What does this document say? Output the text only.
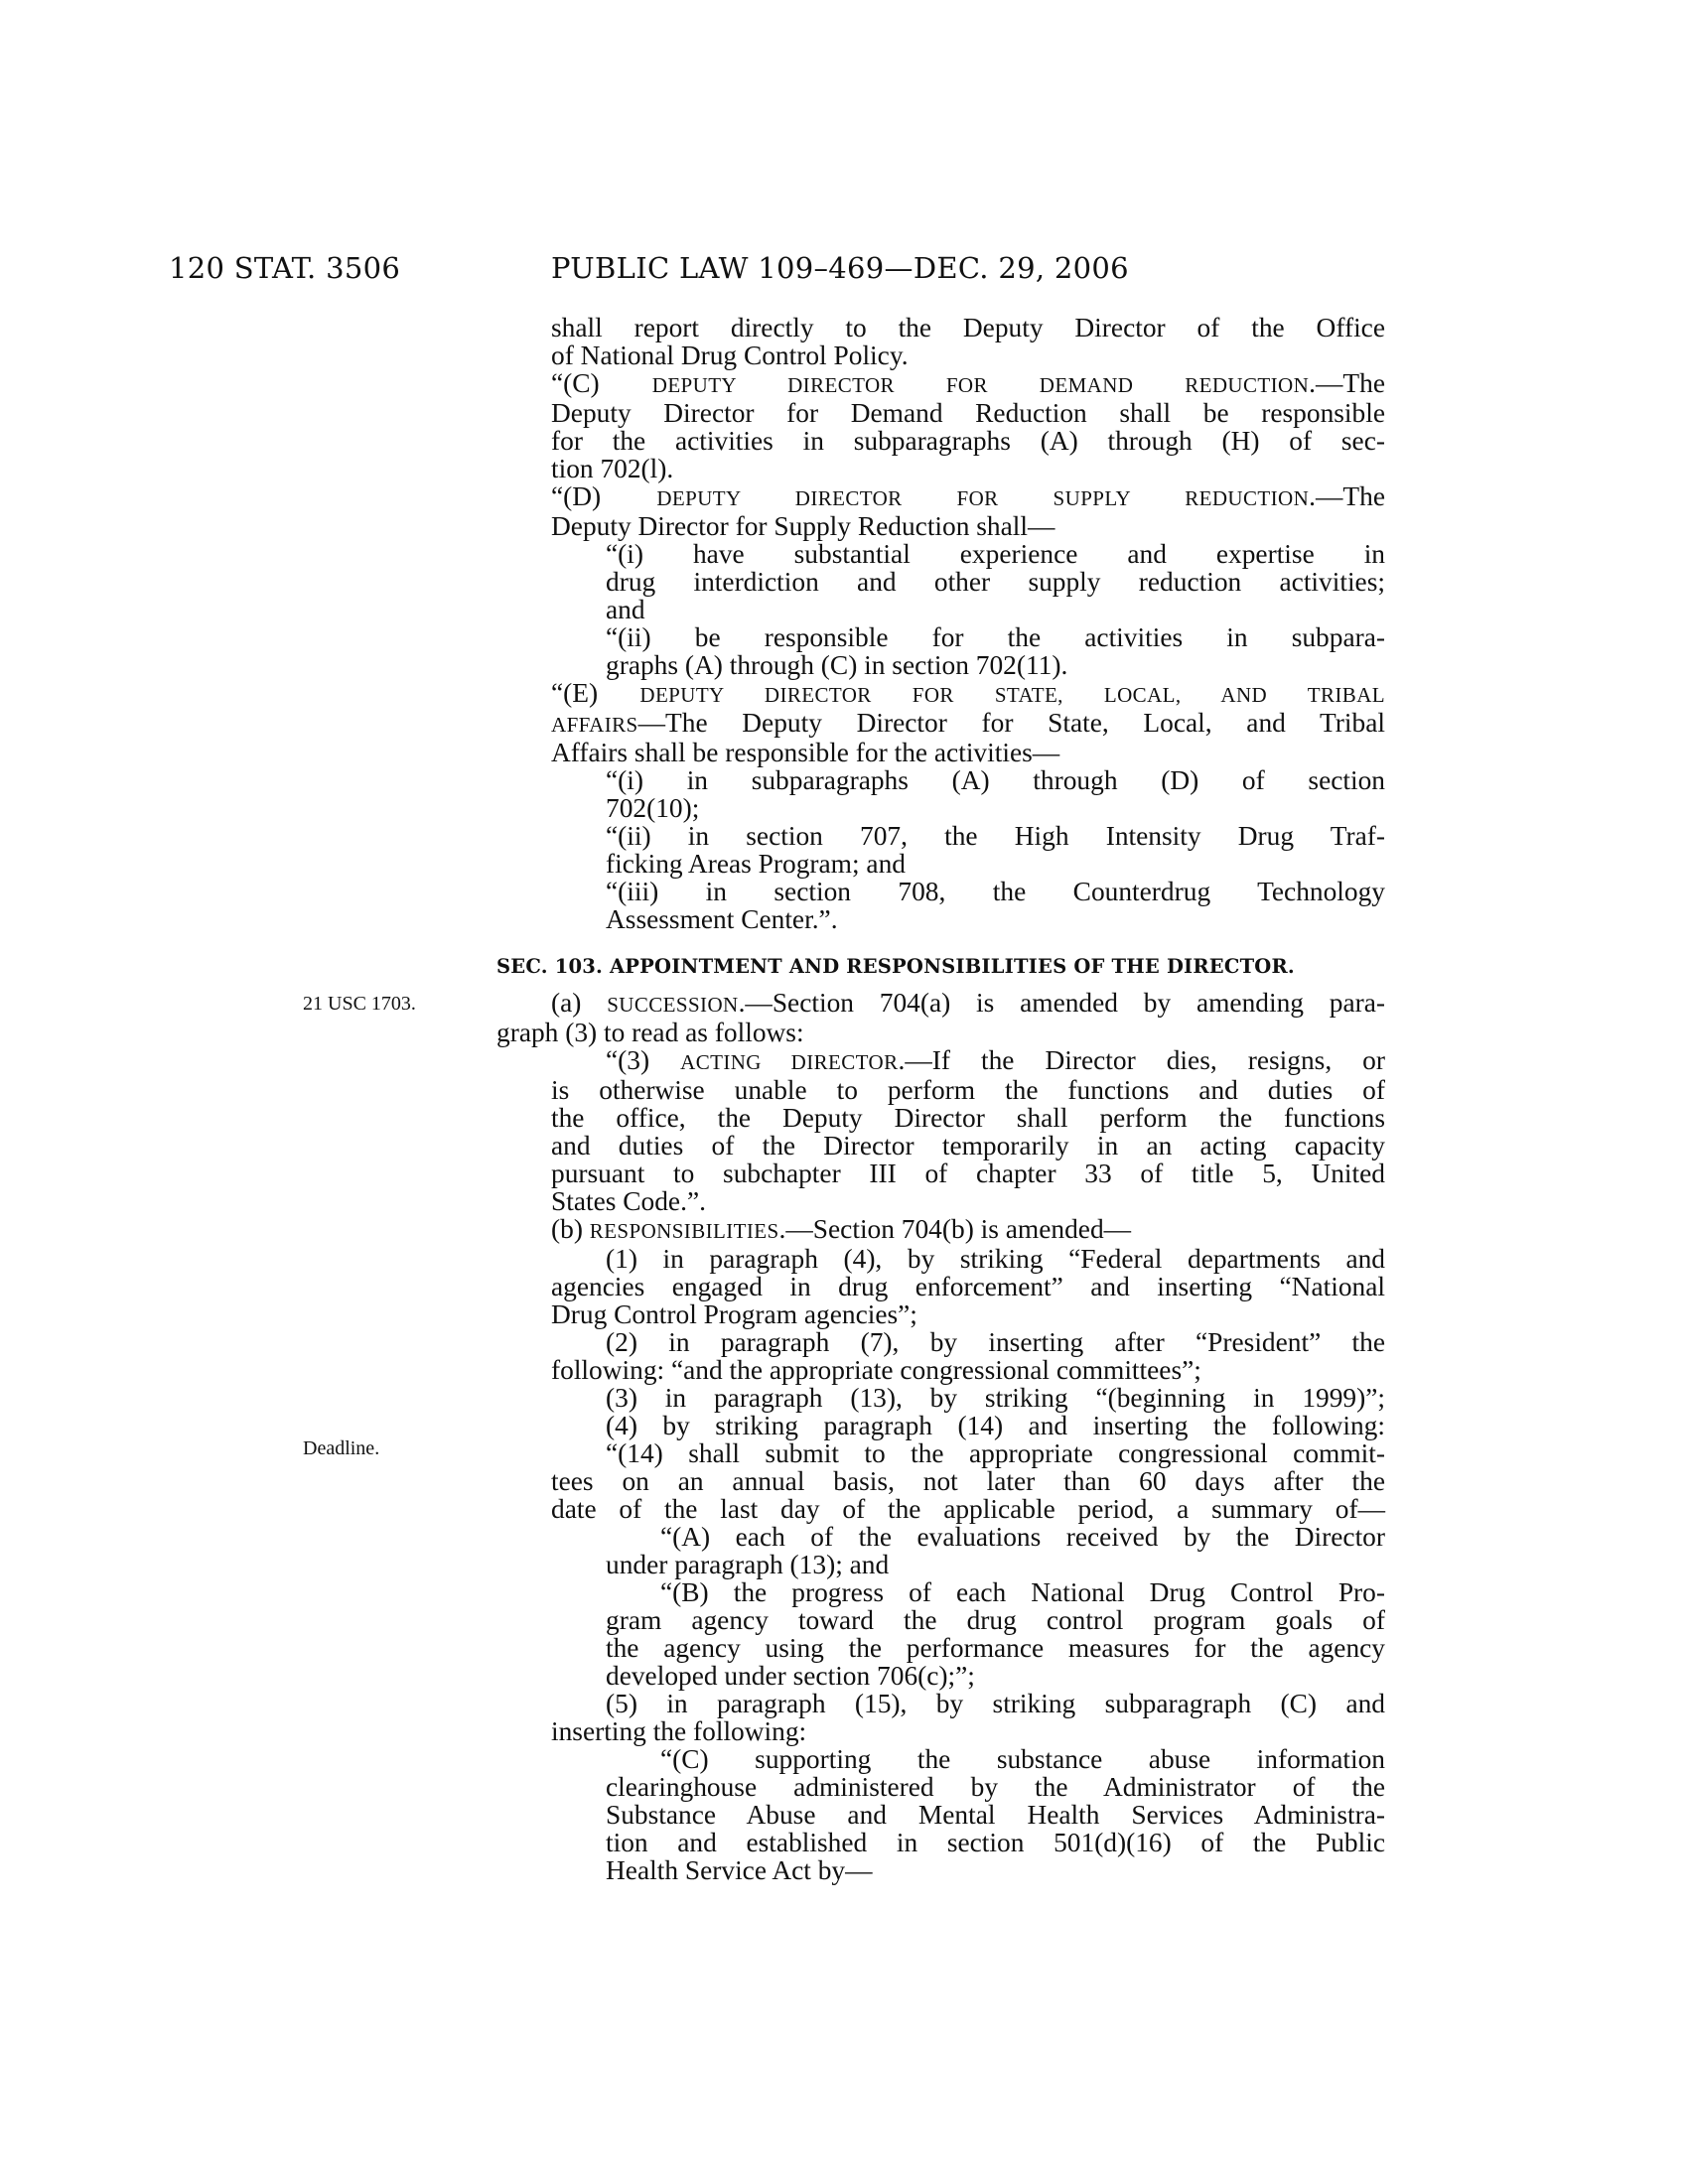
120 STAT. 3506	PUBLIC LAW 109–469—DEC. 29, 2006
shall report directly to the Deputy Director of the Office
of National Drug Control Policy.
“(C) DEPUTY DIRECTOR FOR DEMAND REDUCTION.—The
Deputy Director for Demand Reduction shall be responsible
for the activities in subparagraphs (A) through (H) of sec-
tion 702(l).
“(D) DEPUTY DIRECTOR FOR SUPPLY REDUCTION.—The
Deputy Director for Supply Reduction shall—
“(i) have substantial experience and expertise in
drug interdiction and other supply reduction activities;
and
“(ii) be responsible for the activities in subpara-
graphs (A) through (C) in section 702(11).
“(E) DEPUTY DIRECTOR FOR STATE, LOCAL, AND TRIBAL
AFFAIRS—The Deputy Director for State, Local, and Tribal
Affairs shall be responsible for the activities—
“(i) in subparagraphs (A) through (D) of section
702(10);
“(ii) in section 707, the High Intensity Drug Traf-
ficking Areas Program; and
“(iii) in section 708, the Counterdrug Technology
Assessment Center.”.
SEC. 103. APPOINTMENT AND RESPONSIBILITIES OF THE DIRECTOR.
21 USC 1703.
Deadline.
(a) SUCCESSION.—Section 704(a) is amended by amending para-
graph (3) to read as follows:
“(3) ACTING DIRECTOR.—If the Director dies, resigns, or
is otherwise unable to perform the functions and duties of
the office, the Deputy Director shall perform the functions
and duties of the Director temporarily in an acting capacity
pursuant to subchapter III of chapter 33 of title 5, United
States Code.”.
(b) RESPONSIBILITIES.—Section 704(b) is amended—
(1) in paragraph (4), by striking “Federal departments and
agencies engaged in drug enforcement” and inserting “National
Drug Control Program agencies”;
(2) in paragraph (7), by inserting after “President” the
following: “and the appropriate congressional committees”;
(3) in paragraph (13), by striking “(beginning in 1999)”;
(4) by striking paragraph (14) and inserting the following:
“(14) shall submit to the appropriate congressional commit-
tees on an annual basis, not later than 60 days after the
date of the last day of the applicable period, a summary of—
“(A) each of the evaluations received by the Director
under paragraph (13); and
“(B) the progress of each National Drug Control Pro-
gram agency toward the drug control program goals of
the agency using the performance measures for the agency
developed under section 706(c);”;
(5) in paragraph (15), by striking subparagraph (C) and
inserting the following:
“(C) supporting the substance abuse information
clearinghouse administered by the Administrator of the
Substance Abuse and Mental Health Services Administra-
tion and established in section 501(d)(16) of the Public
Health Service Act by—
